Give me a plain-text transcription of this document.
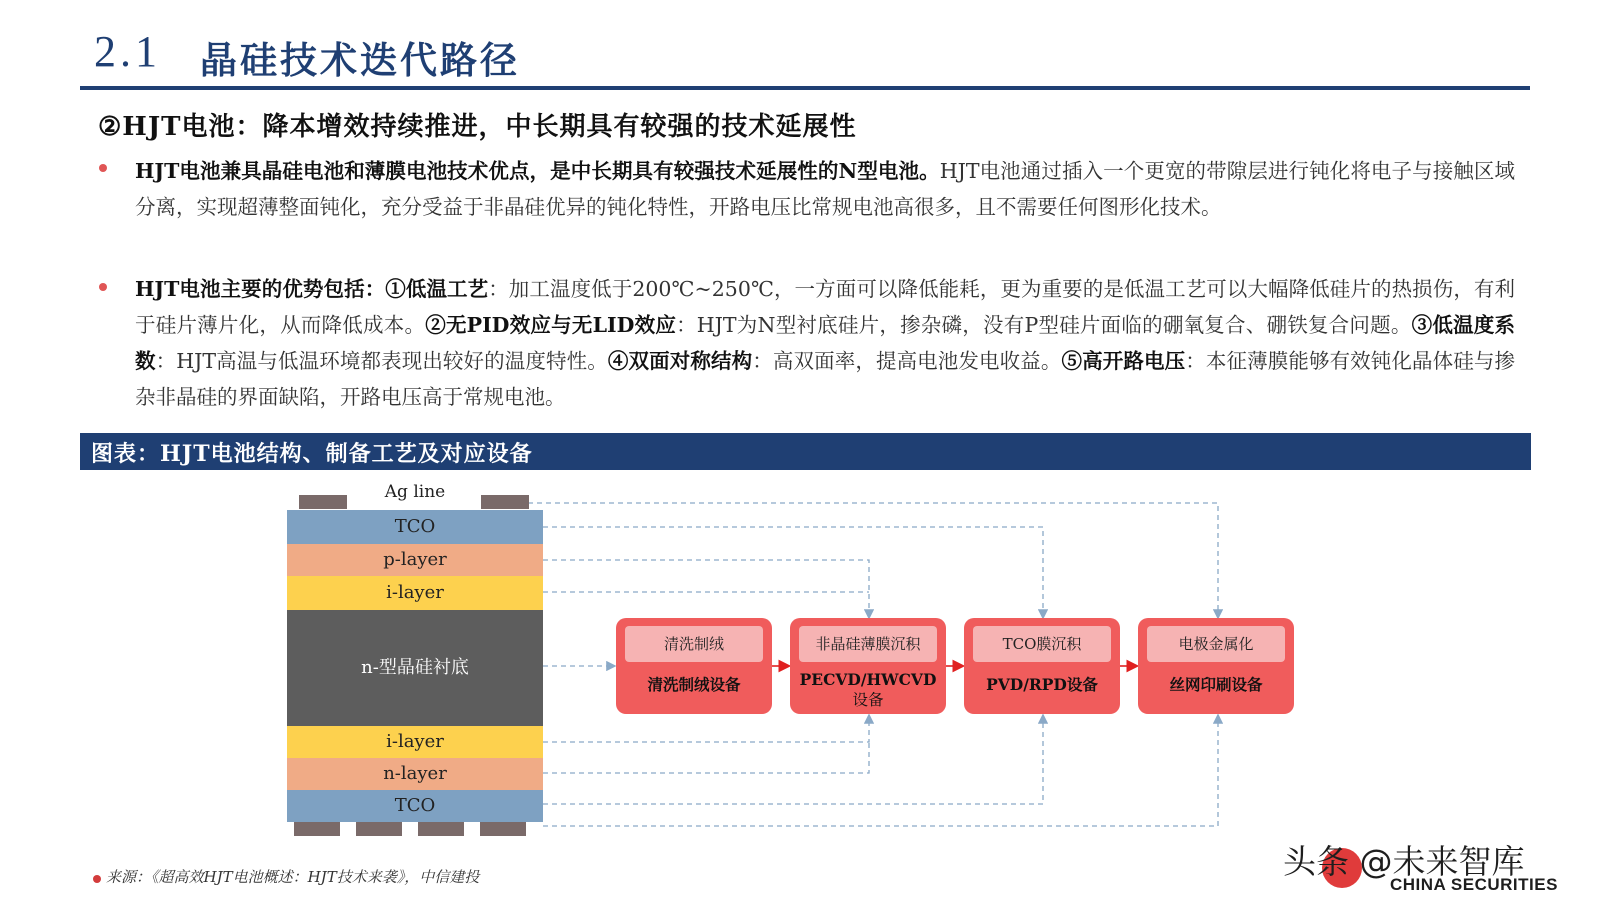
2.1 晶硅技术迭代路径
②HJT电池：降本增效持续推进，中长期具有较强的技术延展性
HJT电池兼具晶硅电池和薄膜电池技术优点，是中长期具有较强技术延展性的N型电池。HJT电池通过插入一个更宽的带隙层进行钝化将电子与接触区域分离，实现超薄整面钝化，充分受益于非晶硅优异的钝化特性，开路电压比常规电池高很多，且不需要任何图形化技术。
HJT电池主要的优势包括：①低温工艺：加工温度低于200℃~250℃，一方面可以降低能耗，更为重要的是低温工艺可以大幅降低硅片的热损伤，有利于硅片薄片化，从而降低成本。②无PID效应与无LID效应：HJT为N型衬底硅片，掺杂磷，没有P型硅片面临的硼氧复合、硼铁复合问题。③低温度系数：HJT高温与低温环境都表现出较好的温度特性。④双面对称结构：高双面率，提高电池发电收益。⑤高开路电压：本征薄膜能够有效钝化晶体硅与掺杂非晶硅的界面缺陷，开路电压高于常规电池。
图表：HJT电池结构、制备工艺及对应设备
Ag line
TCO
p-layer
i-layer
n-型晶硅衬底
i-layer
n-layer
TCO
清洗制绒
清洗制绒设备
非晶硅薄膜沉积
PECVD/HWCVD
设备
TCO膜沉积
PVD/RPD设备
电极金属化
丝网印刷设备
来源：《超高效HJT电池概述：HJT技术来袭》，中信建投	头条 @未来智库
CHINA SECURITIES
